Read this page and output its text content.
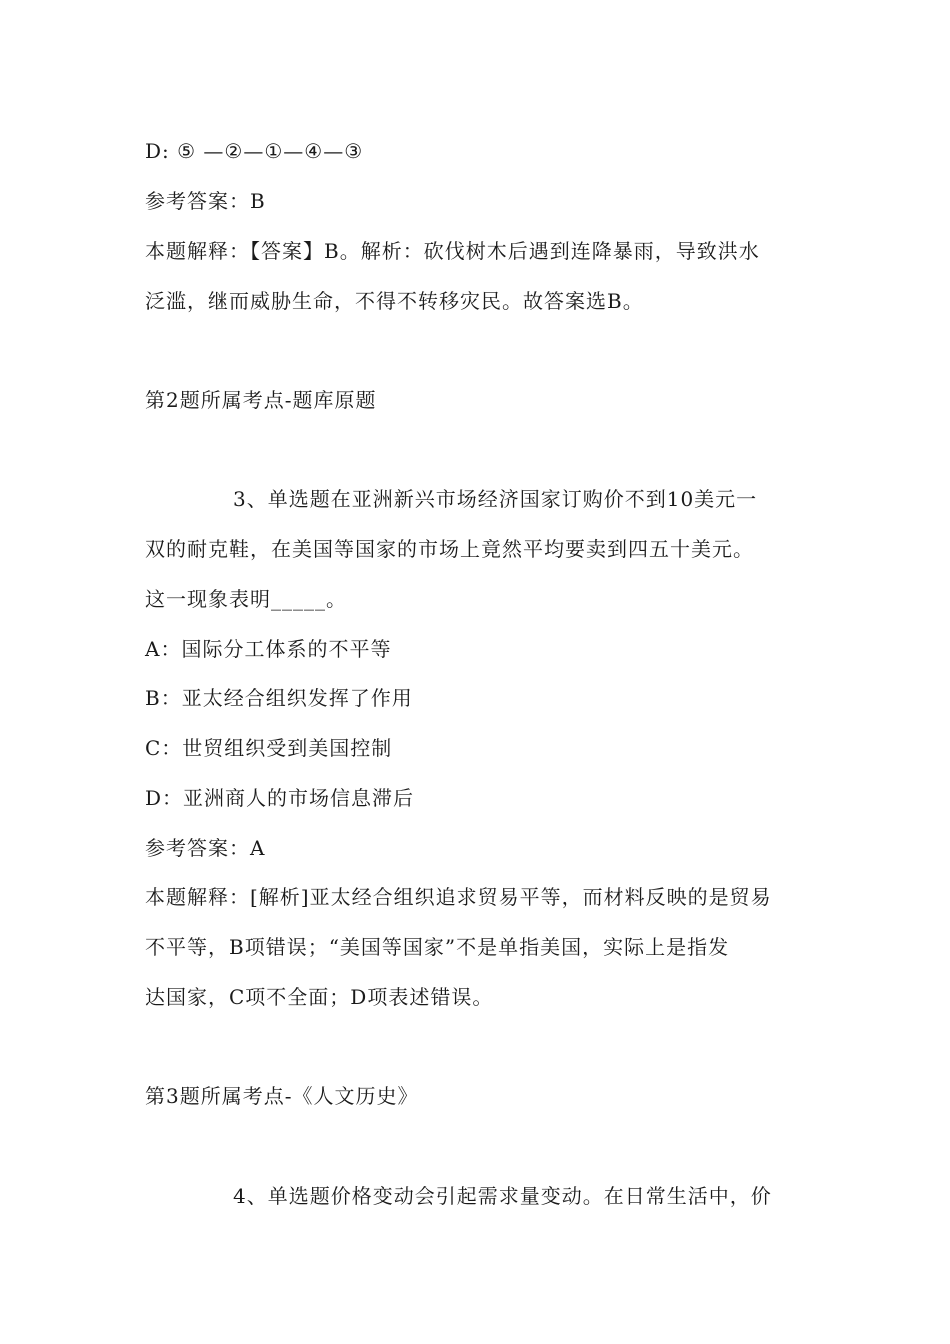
D: ⑤ —②—①—④—③
参考答案：B
本题解释：【答案】B。解析：砍伐树木后遇到连降暴雨，导致洪水
泛滥，继而威胁生命，不得不转移灾民。故答案选B。
第2题所属考点-题库原题
3、单选题在亚洲新兴市场经济国家订购价不到10美元一
双的耐克鞋，在美国等国家的市场上竟然平均要卖到四五十美元。
这一现象表明_____。
A：国际分工体系的不平等
B：亚太经合组织发挥了作用
C：世贸组织受到美国控制
D：亚洲商人的市场信息滞后
参考答案：A
本题解释：[解析]亚太经合组织追求贸易平等，而材料反映的是贸易
不平等，B项错误；“美国等国家”不是单指美国，实际上是指发
达国家，C项不全面；D项表述错误。
第3题所属考点-《人文历史》
4、单选题价格变动会引起需求量变动。在日常生活中，价
